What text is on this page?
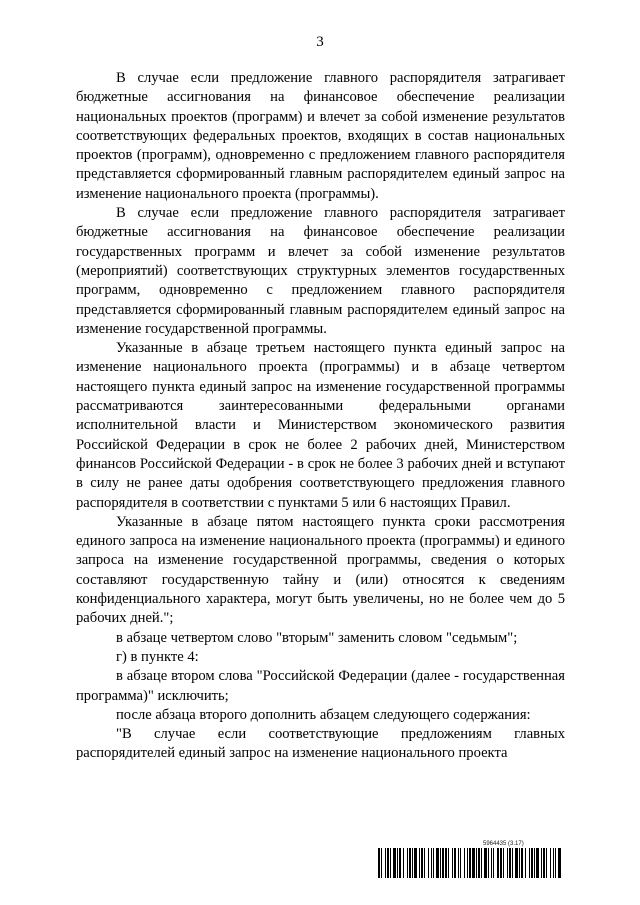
3

В случае если предложение главного распорядителя затрагивает бюджетные ассигнования на финансовое обеспечение реализации национальных проектов (программ) и влечет за собой изменение результатов соответствующих федеральных проектов, входящих в состав национальных проектов (программ), одновременно с предложением главного распорядителя представляется сформированный главным распорядителем единый запрос на изменение национального проекта (программы).

В случае если предложение главного распорядителя затрагивает бюджетные ассигнования на финансовое обеспечение реализации государственных программ и влечет за собой изменение результатов (мероприятий) соответствующих структурных элементов государственных программ, одновременно с предложением главного распорядителя представляется сформированный главным распорядителем единый запрос на изменение государственной программы.

Указанные в абзаце третьем настоящего пункта единый запрос на изменение национального проекта (программы) и в абзаце четвертом настоящего пункта единый запрос на изменение государственной программы рассматриваются заинтересованными федеральными органами исполнительной власти и Министерством экономического развития Российской Федерации в срок не более 2 рабочих дней, Министерством финансов Российской Федерации - в срок не более 3 рабочих дней и вступают в силу не ранее даты одобрения соответствующего предложения главного распорядителя в соответствии с пунктами 5 или 6 настоящих Правил.

Указанные в абзаце пятом настоящего пункта сроки рассмотрения единого запроса на изменение национального проекта (программы) и единого запроса на изменение государственной программы, сведения о которых составляют государственную тайну и (или) относятся к сведениям конфиденциального характера, могут быть увеличены, но не более чем до 5 рабочих дней.";

в абзаце четвертом слово "вторым" заменить словом "седьмым";

г) в пункте 4:

в абзаце втором слова "Российской Федерации (далее - государственная программа)" исключить;

после абзаца второго дополнить абзацем следующего содержания:

"В случае если соответствующие предложениям главных распорядителей единый запрос на изменение национального проекта

5964435 (3.17)
